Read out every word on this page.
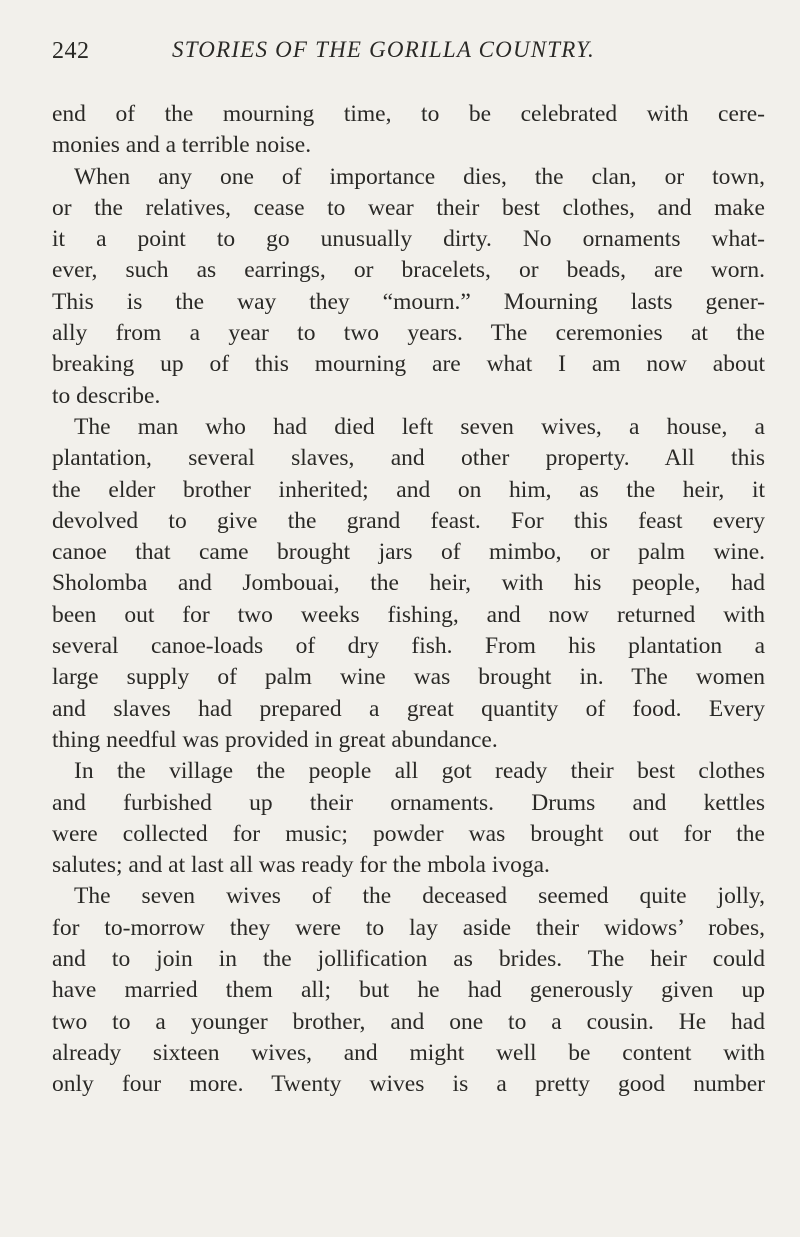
242	STORIES OF THE GORILLA COUNTRY.
end of the mourning time, to be celebrated with cere-
monies and a terrible noise.
When any one of importance dies, the clan, or town,
or the relatives, cease to wear their best clothes, and make
it a point to go unusually dirty. No ornaments what-
ever, such as earrings, or bracelets, or beads, are worn.
This is the way they “mourn.” Mourning lasts gener-
ally from a year to two years. The ceremonies at the
breaking up of this mourning are what I am now about
to describe.
The man who had died left seven wives, a house, a
plantation, several slaves, and other property. All this
the elder brother inherited; and on him, as the heir, it
devolved to give the grand feast. For this feast every
canoe that came brought jars of mimbo, or palm wine.
Sholomba and Jombouai, the heir, with his people, had
been out for two weeks fishing, and now returned with
several canoe-loads of dry fish. From his plantation a
large supply of palm wine was brought in. The women
and slaves had prepared a great quantity of food. Every
thing needful was provided in great abundance.
In the village the people all got ready their best clothes
and furbished up their ornaments. Drums and kettles
were collected for music; powder was brought out for the
salutes; and at last all was ready for the mbola ivoga.
The seven wives of the deceased seemed quite jolly,
for to-morrow they were to lay aside their widows’ robes,
and to join in the jollification as brides. The heir could
have married them all; but he had generously given up
two to a younger brother, and one to a cousin. He had
already sixteen wives, and might well be content with
only four more. Twenty wives is a pretty good number
